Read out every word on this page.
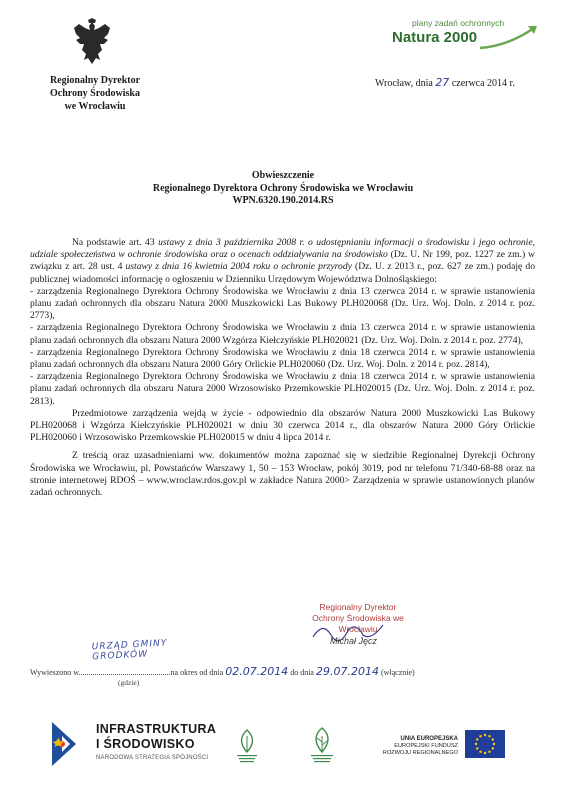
Regionalny Dyrektor
Ochrony Środowiska
we Wrocławiu
plany zadań ochronnych
Natura 2000
Wrocław, dnia 27 czerwca 2014 r.
Obwieszczenie
Regionalnego Dyrektora Ochrony Środowiska we Wrocławiu
WPN.6320.190.2014.RS

Na podstawie art. 43 ustawy z dnia 3 października 2008 r. o udostępnianiu informacji o środowisku i jego ochronie, udziale społeczeństwa w ochronie środowiska oraz o ocenach oddziaływania na środowisko (Dz. U. Nr 199, poz. 1227 ze zm.) w związku z art. 28 ust. 4 ustawy z dnia 16 kwietnia 2004 roku o ochronie przyrody (Dz. U. z 2013 r., poz. 627 ze zm.) podaję do publicznej wiadomości informację o ogłoszeniu w Dzienniku Urzędowym Województwa Dolnośląskiego:

- zarządzenia Regionalnego Dyrektora Ochrony Środowiska we Wrocławiu z dnia 13 czerwca 2014 r. w sprawie ustanowienia planu zadań ochronnych dla obszaru Natura 2000 Muszkowicki Las Bukowy PLH020068 (Dz. Urz. Woj. Doln. z 2014 r. poz. 2773),

- zarządzenia Regionalnego Dyrektora Ochrony Środowiska we Wrocławiu z dnia 13 czerwca 2014 r. w sprawie ustanowienia planu zadań ochronnych dla obszaru Natura 2000 Wzgórza Kiełczyńskie PLH020021 (Dz. Urz. Woj. Doln. z 2014 r. poz. 2774),

- zarządzenia Regionalnego Dyrektora Ochrony Środowiska we Wrocławiu z dnia 18 czerwca 2014 r. w sprawie ustanowienia planu zadań ochronnych dla obszaru Natura 2000 Góry Orlickie PLH020060 (Dz. Urz. Woj. Doln. z 2014 r. poz. 2814),

- zarządzenia Regionalnego Dyrektora Ochrony Środowiska we Wrocławiu z dnia 18 czerwca 2014 r. w sprawie ustanowienia planu zadań ochronnych dla obszaru Natura 2000 Wrzosowisko Przemkowskie PLH020015 (Dz. Urz. Woj. Doln. z 2014 r. poz. 2813).

Przedmiotowe zarządzenia wejdą w życie - odpowiednio dla obszarów Natura 2000 Muszkowicki Las Bukowy PLH020068 i Wzgórza Kiełczyńskie PLH020021 w dniu 30 czerwca 2014 r., dla obszarów Natura 2000 Góry Orlickie PLH020060 i Wrzosowisko Przemkowskie PLH020015 w dniu 4 lipca 2014 r.

Z treścią oraz uzasadnieniami ww. dokumentów można zapoznać się w siedzibie Regionalnej Dyrekcji Ochrony Środowiska we Wrocławiu, pl. Powstańców Warszawy 1, 50 – 153 Wrocław, pokój 3019, pod nr telefonu 71/340-68-88 oraz na stronie internetowej RDOŚ – www.wroclaw.rdos.gov.pl w zakładce Natura 2000> Zarządzenia w sprawie ustanowionych planów zadań ochronnych.

Regionalny Dyrektor
Ochrony Środowiska we Wrocławiu
Michał Jęcz
URZĄD GMINY
GRODKÓW
Wywieszono w..............................................na okres od dnia 02.07.2014 do dnia 29.07.2014 (włącznie)
(gdzie)
INFRASTRUKTURA
I ŚRODOWISKO
NARODOWA STRATEGIA SPÓJNOŚCI
UNIA EUROPEJSKA
EUROPEJSKI FUNDUSZ
ROZWOJU REGIONALNEGO
